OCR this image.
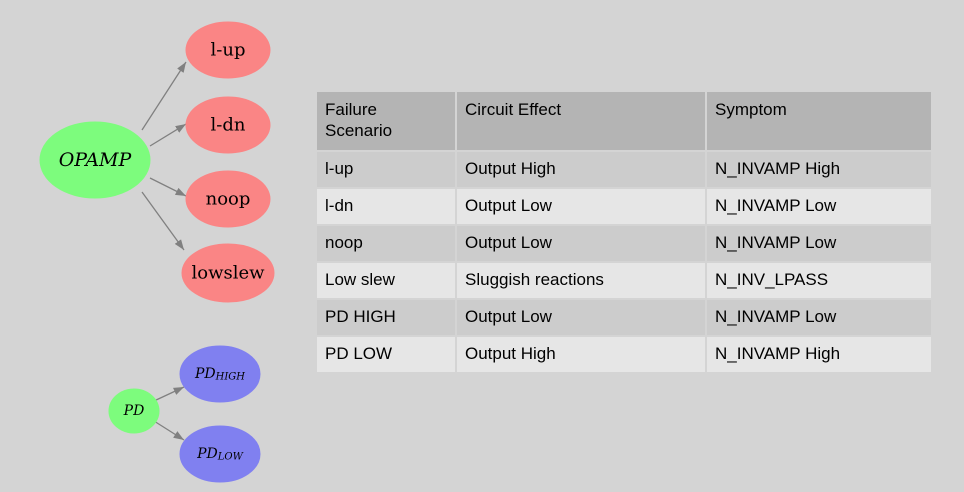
OPAMP
l-up
l-dn
noop
lowslew
PD
PDHIGH
PDLOW
Failure Scenario	Circuit Effect	Symptom
l-up	Output High	N_INVAMP High
l-dn	Output Low	N_INVAMP Low
noop	Output Low	N_INVAMP Low
Low slew	Sluggish reactions	N_INV_LPASS
PD HIGH	Output Low	N_INVAMP Low
PD LOW	Output High	N_INVAMP High
